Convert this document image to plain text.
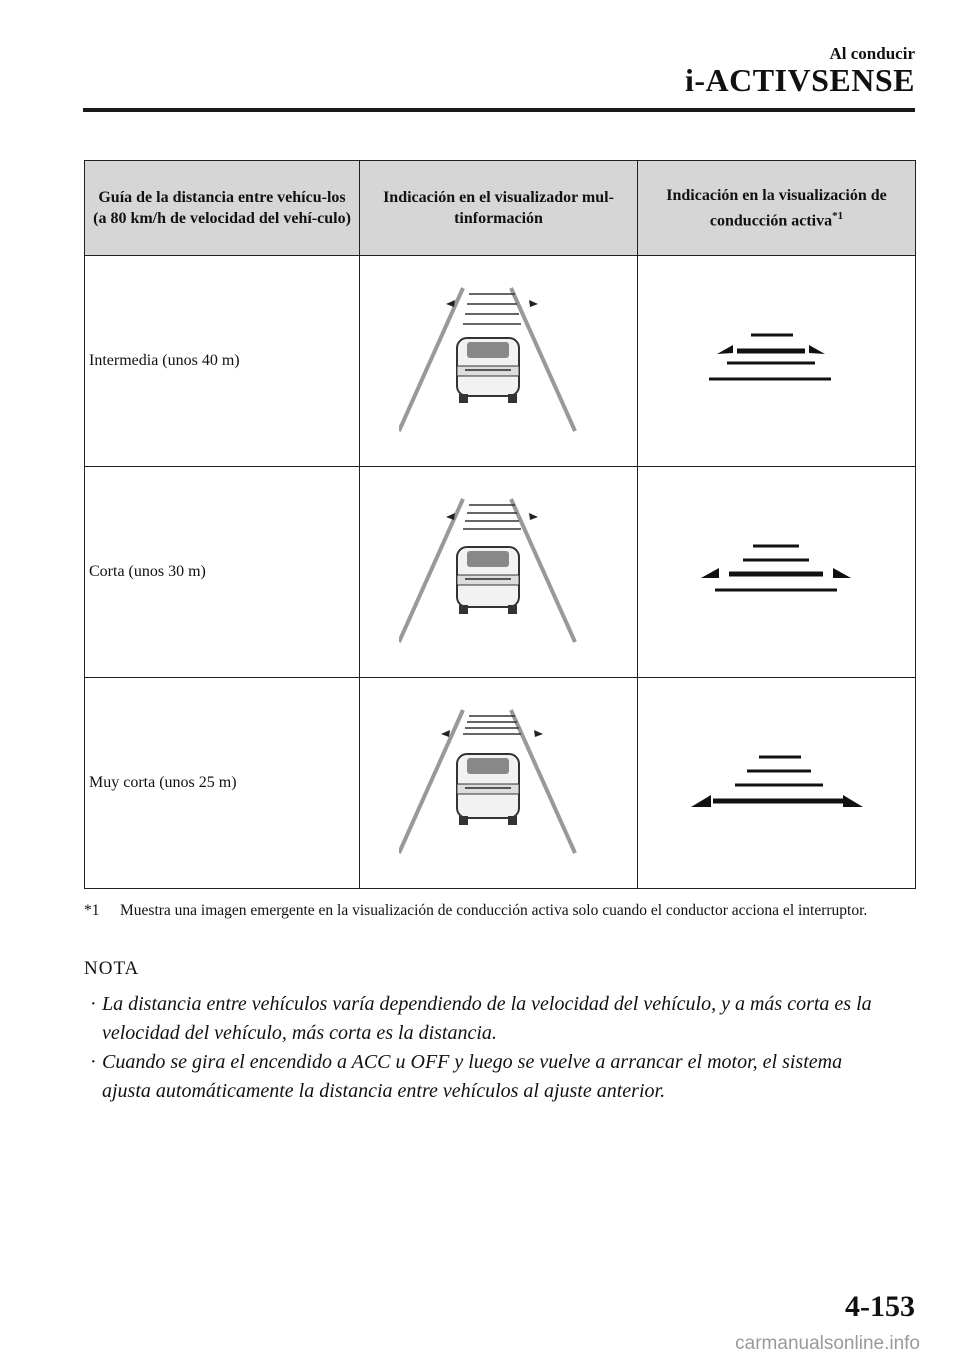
Al conducir
i-ACTIVSENSE
Guía de la distancia entre vehícu-los
(a 80 km/h de velocidad del vehí-culo)	Indicación en el visualizador mul-tinformación	Indicación en la visualización de conducción activa$^{*1}$
Intermedia (unos 40 m)	

Corta (unos 30 m)	

Muy corta (unos 25 m)	

*1 Muestra una imagen emergente en la visualización de conducción activa solo cuando el conductor acciona el interruptor.
NOTA
· La distancia entre vehículos varía dependiendo de la velocidad del vehículo, y a más corta es la velocidad del vehículo, más corta es la distancia.
· Cuando se gira el encendido a ACC u OFF y luego se vuelve a arrancar el motor, el sistema ajusta automáticamente la distancia entre vehículos al ajuste anterior.
4-153
carmanualsonline.info
